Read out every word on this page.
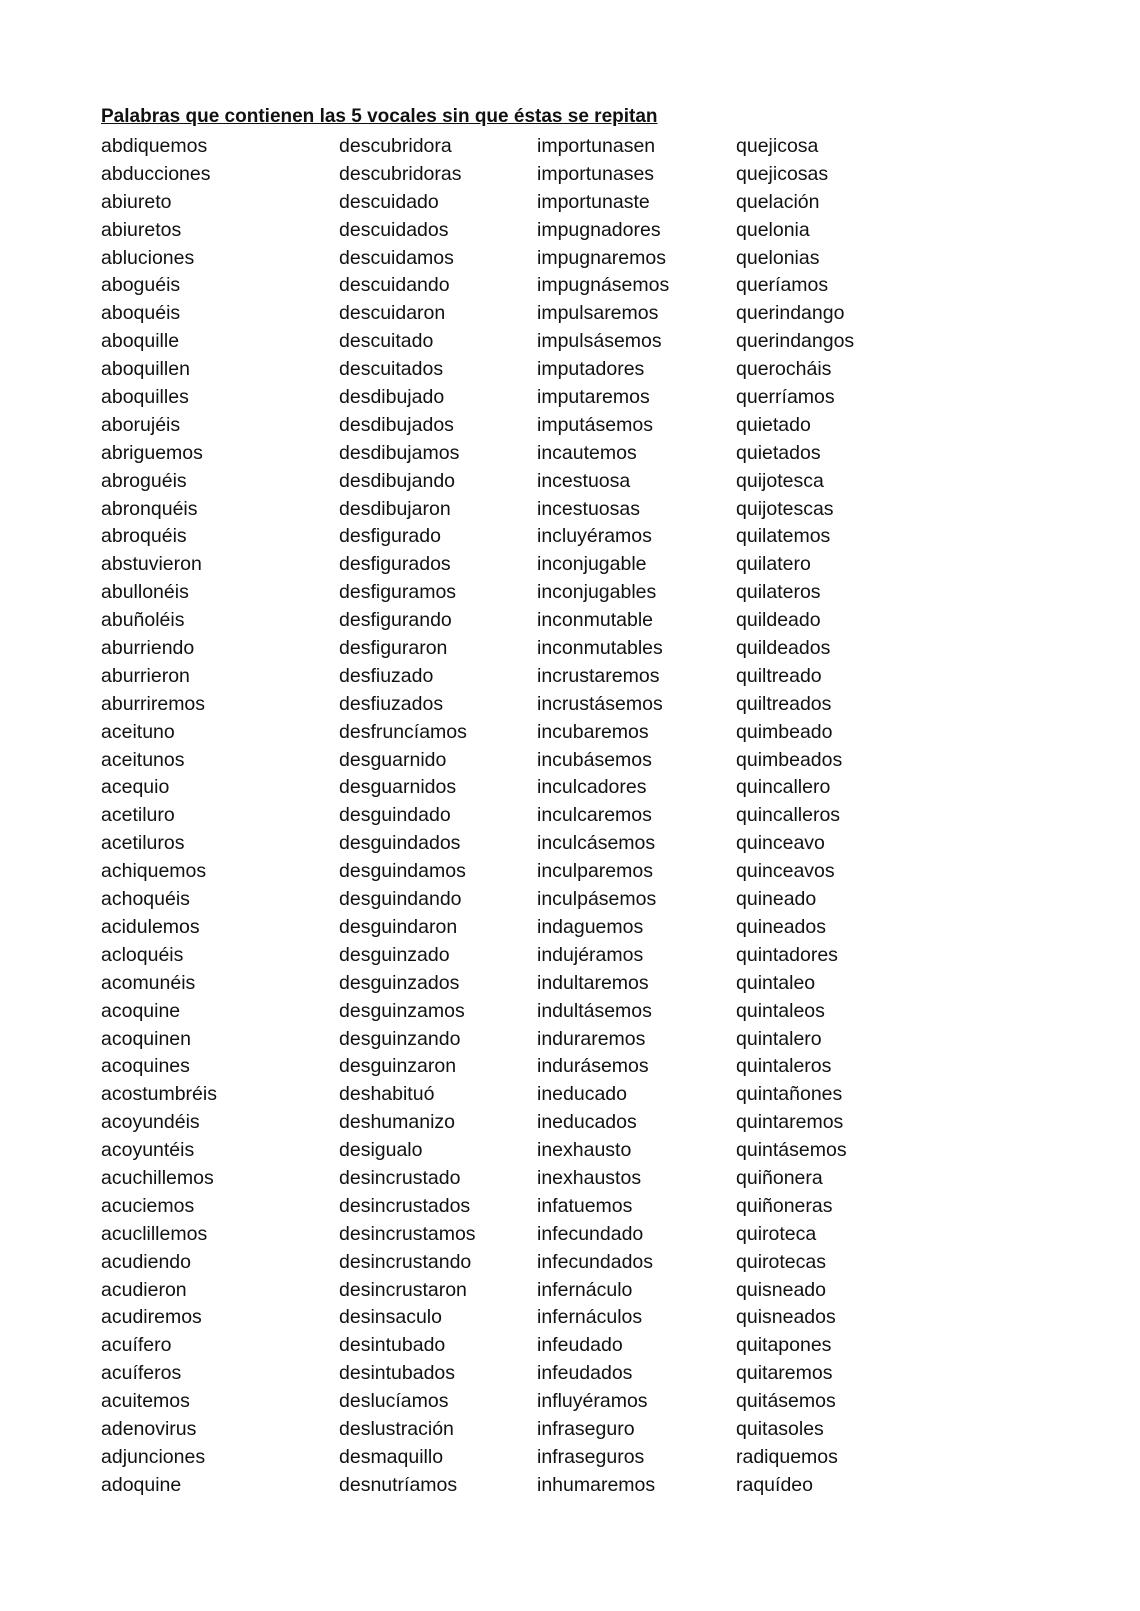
Palabras que contienen las 5 vocales sin que éstas se repitan
abdiquemos
abducciones
abiureto
abiuretos
abluciones
aboguéis
aboquéis
aboquille
aboquillen
aboquilles
aborujéis
abriguemos
abroguéis
abronquéis
abroquéis
abstuvieron
abullonéis
abuñoléis
aburriendo
aburrieron
aburriremos
aceituno
aceitunos
acequio
acetiluro
acetiluros
achiquemos
achoquéis
acidulemos
acloquéis
acomunéis
acoquine
acoquinen
acoquines
acostumbréis
acoyundéis
acoyuntéis
acuchillemos
acuciemos
acuclillemos
acudiendo
acudieron
acudiremos
acuífero
acuíferos
acuitemos
adenovirus
adjunciones
adoquine
descubridora
descubridoras
descuidado
descuidados
descuidamos
descuidando
descuidaron
descuitado
descuitados
desdibujado
desdibujados
desdibujamos
desdibujando
desdibujaron
desfigurado
desfigurados
desfiguramos
desfigurando
desfiguraron
desfiuzado
desfiuzados
desfruncíamos
desguarnido
desguarnidos
desguindado
desguindados
desguindamos
desguindando
desguindaron
desguinzado
desguinzados
desguinzamos
desguinzando
desguinzaron
deshabituó
deshumanizo
desigualo
desincrustado
desincrustados
desincrustamos
desincrustando
desincrustaron
desinsaculo
desintubado
desintubados
deslucíamos
deslustración
desmaquillo
desnutríamos
importunasen
importunases
importunaste
impugnadores
impugnaremos
impugnásemos
impulsaremos
impulsásemos
imputadores
imputaremos
imputásemos
incautemos
incestuosa
incestuosas
incluyéramos
inconjugable
inconjugables
inconmutable
inconmutables
incrustaremos
incrustásemos
incubaremos
incubásemos
inculcadores
inculcaremos
inculcásemos
inculparemos
inculpásemos
indaguemos
indujéramos
indultaremos
indultásemos
induraremos
indurásemos
ineducado
ineducados
inexhausto
inexhaustos
infatuemos
infecundado
infecundados
infernáculo
infernáculos
infeudado
infeudados
influyéramos
infraseguro
infraseguros
inhumaremos
quejicosa
quejicosas
quelación
quelonia
quelonias
queríamos
querindango
querindangos
querocháis
querríamos
quietado
quietados
quijotesca
quijotescas
quilatemos
quilatero
quilateros
quildeado
quildeados
quiltreado
quiltreados
quimbeado
quimbeados
quincallero
quincalleros
quinceavo
quinceavos
quineado
quineados
quintadores
quintaleo
quintaleos
quintalero
quintaleros
quintañones
quintaremos
quintásemos
quiñonera
quiñoneras
quiroteca
quirotecas
quisneado
quisneados
quitapones
quitaremos
quitásemos
quitasoles
radiquemos
raquídeo
